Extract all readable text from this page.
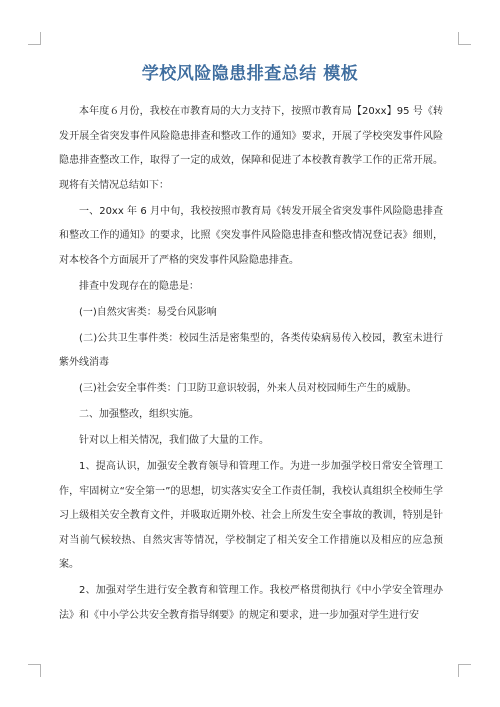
学校风险隐患排查总结 模板

本年度６月份，我校在市教育局的大力支持下，按照市教育局【20xx】95 号《转发开展全省突发事件风险隐患排查和整改工作的通知》要求，开展了学校突发事件风险隐患排查整改工作，取得了一定的成效，保障和促进了本校教育教学工作的正常开展。现将有关情况总结如下：

一、20xx 年 6 月中旬，我校按照市教育局《转发开展全省突发事件风险隐患排查和整改工作的通知》的要求，比照《突发事件风险隐患排查和整改情况登记表》细则，对本校各个方面展开了严格的突发事件风险隐患排查。

排查中发现存在的隐患是：

(一)自然灾害类：易受台风影响

(二)公共卫生事件类：校园生活是密集型的，各类传染病易传入校园，教室未进行紫外线消毒

(三)社会安全事件类：门卫防卫意识较弱，外来人员对校园师生产生的威胁。

二、加强整改，组织实施。

针对以上相关情况，我们做了大量的工作。

1、提高认识，加强安全教育领导和管理工作。为进一步加强学校日常安全管理工作，牢固树立“安全第一”的思想，切实落实安全工作责任制，我校认真组织全校师生学习上级相关安全教育文件，并吸取近期外校、社会上所发生安全事故的教训，特别是针对当前气候较热、自然灾害等情况，学校制定了相关安全工作措施以及相应的应急预案。

2、加强对学生进行安全教育和管理工作。我校严格贯彻执行《中小学安全管理办法》和《中小学公共安全教育指导纲要》的规定和要求，进一步加强对学生进行安
